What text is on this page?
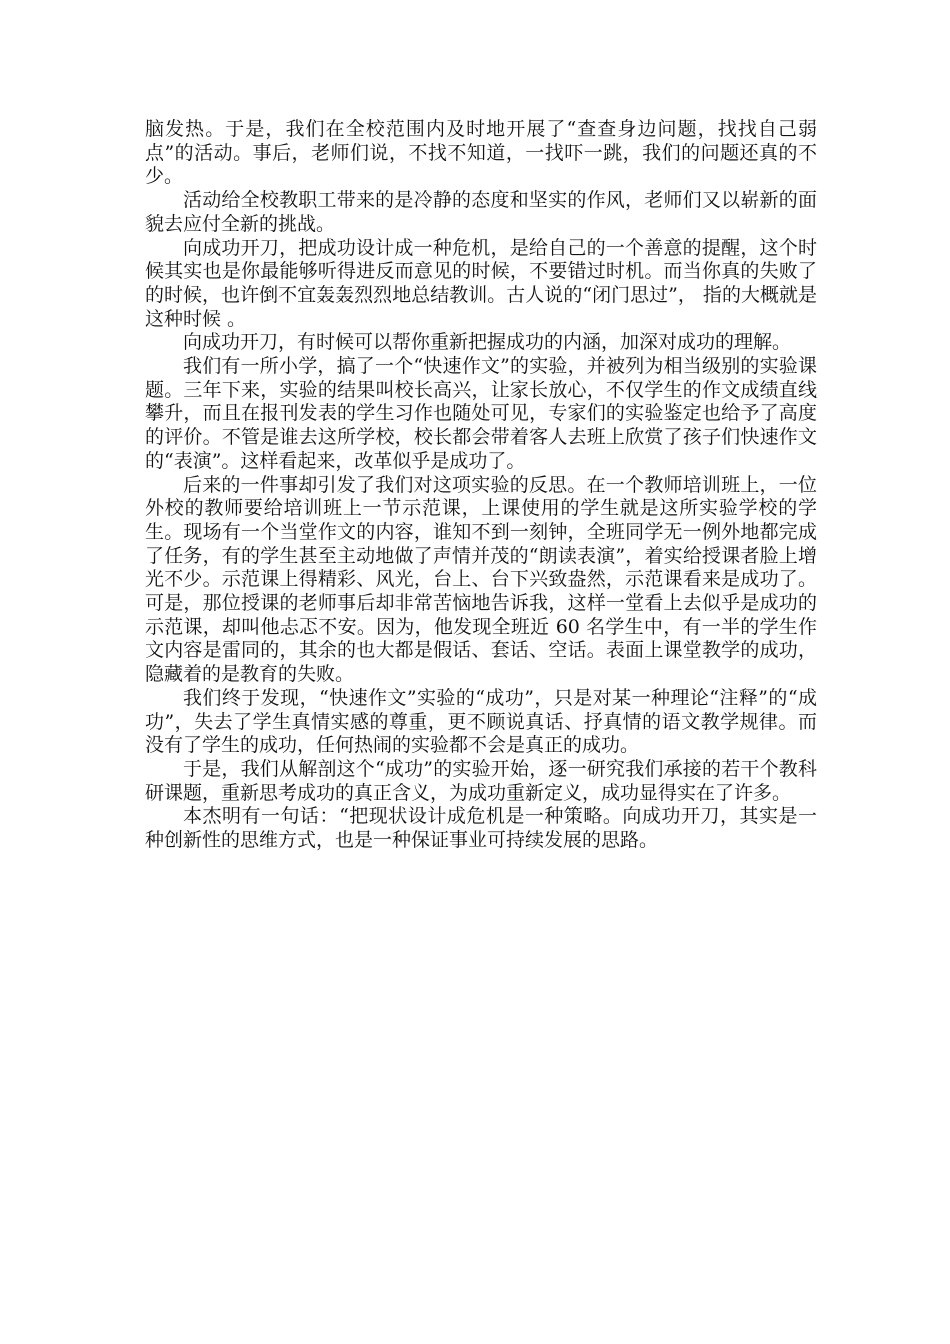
脑发热。于是，我们在全校范围内及时地开展了“查查身边问题，找找自己弱点”的活动。事后，老师们说，不找不知道，一找吓一跳，我们的问题还真的不少。

活动给全校教职工带来的是冷静的态度和坚实的作风，老师们又以崭新的面貌去应付全新的挑战。

向成功开刀，把成功设计成一种危机，是给自己的一个善意的提醒，这个时候其实也是你最能够听得进反而意见的时候，不要错过时机。而当你真的失败了的时候，也许倒不宜轰轰烈烈地总结教训。古人说的“闭门思过”， 指的大概就是这种时候 。

向成功开刀，有时候可以帮你重新把握成功的内涵，加深对成功的理解。

我们有一所小学，搞了一个“快速作文”的实验，并被列为相当级别的实验课题。三年下来，实验的结果叫校长高兴，让家长放心，不仅学生的作文成绩直线攀升，而且在报刊发表的学生习作也随处可见，专家们的实验鉴定也给予了高度的评价。不管是谁去这所学校，校长都会带着客人去班上欣赏了孩子们快速作文的“表演”。这样看起来，改革似乎是成功了。

后来的一件事却引发了我们对这项实验的反思。在一个教师培训班上，一位外校的教师要给培训班上一节示范课，上课使用的学生就是这所实验学校的学生。现场有一个当堂作文的内容，谁知不到一刻钟，全班同学无一例外地都完成了任务，有的学生甚至主动地做了声情并茂的“朗读表演”，着实给授课者脸上增光不少。示范课上得精彩、风光，台上、台下兴致盎然，示范课看来是成功了。可是，那位授课的老师事后却非常苦恼地告诉我，这样一堂看上去似乎是成功的示范课，却叫他忐忑不安。因为，他发现全班近 60 名学生中，有一半的学生作文内容是雷同的，其余的也大都是假话、套话、空话。表面上课堂教学的成功，隐藏着的是教育的失败。

我们终于发现，“快速作文”实验的“成功”，只是对某一种理论“注释”的“成功”，失去了学生真情实感的尊重，更不顾说真话、抒真情的语文教学规律。而没有了学生的成功，任何热闹的实验都不会是真正的成功。

于是，我们从解剖这个“成功”的实验开始，逐一研究我们承接的若干个教科研课题，重新思考成功的真正含义，为成功重新定义，成功显得实在了许多。

本杰明有一句话：“把现状设计成危机是一种策略。向成功开刀，其实是一种创新性的思维方式，也是一种保证事业可持续发展的思路。
